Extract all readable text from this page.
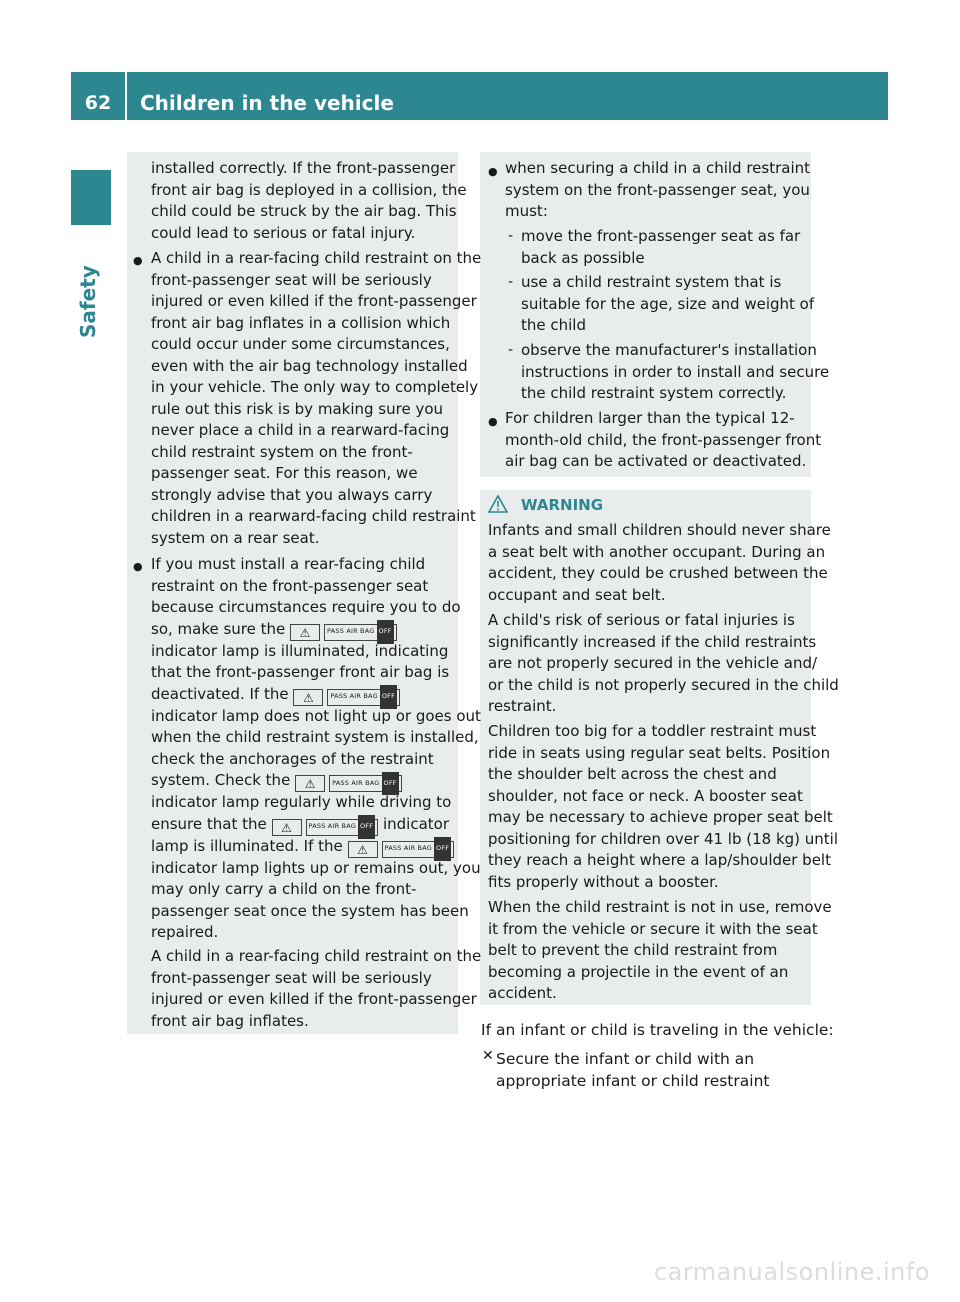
62	Children in the vehicle
Safety
installed correctly. If the front-passenger
front air bag is deployed in a collision, the
child could be struck by the air bag. This
could lead to serious or fatal injury.
● A child in a rear-facing child restraint on the
front-passenger seat will be seriously
injured or even killed if the front-passenger
front air bag inflates in a collision which
could occur under some circumstances,
even with the air bag technology installed
in your vehicle. The only way to completely
rule out this risk is by making sure you
never place a child in a rearward-facing
child restraint system on the front-
passenger seat. For this reason, we
strongly advise that you always carry
children in a rearward-facing child restraint
system on a rear seat.
● If you must install a rear-facing child
restraint on the front-passenger seat
because circumstances require you to do
so, make sure the	⚠	PASS AIR BAG OFF
indicator lamp is illuminated, indicating
that the front-passenger front air bag is
deactivated. If the	⚠	PASS AIR BAG OFF
indicator lamp does not light up or goes out
when the child restraint system is installed,
check the anchorages of the restraint
system. Check the	⚠	PASS AIR BAG OFF
indicator lamp regularly while driving to
ensure that the	⚠	PASS AIR BAG OFF indicator
lamp is illuminated. If the	⚠	PASS AIR BAG OFF
indicator lamp lights up or remains out, you
may only carry a child on the front-
passenger seat once the system has been
repaired.
A child in a rear-facing child restraint on the
front-passenger seat will be seriously
injured or even killed if the front-passenger
front air bag inflates.
● when securing a child in a child restraint
system on the front-passenger seat, you
must:
- move the front-passenger seat as far
back as possible
- use a child restraint system that is
suitable for the age, size and weight of
the child
- observe the manufacturer's installation
instructions in order to install and secure
the child restraint system correctly.
● For children larger than the typical 12-
month-old child, the front-passenger front
air bag can be activated or deactivated.
WARNING
Infants and small children should never share
a seat belt with another occupant. During an
accident, they could be crushed between the
occupant and seat belt.
A child's risk of serious or fatal injuries is
significantly increased if the child restraints
are not properly secured in the vehicle and/
or the child is not properly secured in the child
restraint.
Children too big for a toddler restraint must
ride in seats using regular seat belts. Position
the shoulder belt across the chest and
shoulder, not face or neck. A booster seat
may be necessary to achieve proper seat belt
positioning for children over 41 lb (18 kg) until
they reach a height where a lap/shoulder belt
fits properly without a booster.
When the child restraint is not in use, remove
it from the vehicle or secure it with the seat
belt to prevent the child restraint from
becoming a projectile in the event of an
accident.
If an infant or child is traveling in the vehicle:
✕ Secure the infant or child with an
appropriate infant or child restraint
carmanualsonline.info
